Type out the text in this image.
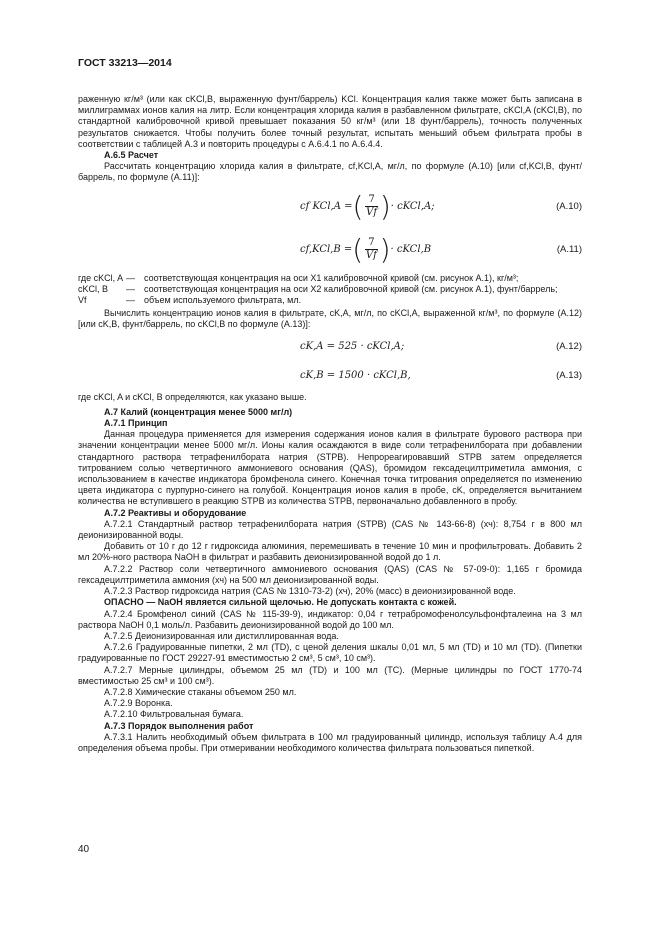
ГОСТ 33213—2014

раженную кг/м³ (или как cKCl,B, выраженную фунт/баррель) KCl. Концентрация калия также может быть записана в миллиграммах ионов калия на литр. Если концентрация хлорида калия в разбавленном фильтрате, cKCl,A (cKCl,B), по стандартной калибровочной кривой превышает показания 50 кг/м³ (или 18 фунт/баррель), точность полученных результатов снижается. Чтобы получить более точный результат, испытать меньший объем фильтрата пробы в соответствии с таблицей А.3 и повторить процедуры с А.6.4.1 по А.6.4.4.

А.6.5 Расчет

Рассчитать концентрацию хлорида калия в фильтрате, cf,KCl,A, мг/л, по формуле (А.10) [или cf,KCl,B, фунт/баррель, по формуле (А.11)]:

cf KCl,A = ( $\frac{7}{Vf}$ ) · cKCl,A;	(А.10)
cf,KCl,B = ( $\frac{7}{Vf}$ ) · cKCl,B	(А.11)
где cKCl, A —	соответствующая концентрация на оси X1 калибровочной кривой (см. рисунок А.1), кг/м³;
cKCl, B	—	соответствующая концентрация на оси X2 калибровочной кривой (см. рисунок А.1), фунт/баррель;
Vf	—	объем используемого фильтрата, мл.

Вычислить концентрацию ионов калия в фильтрате, cK,A, мг/л, по cKCl,A, выраженной кг/м³, по формуле (А.12) [или cK,B, фунт/баррель, по cKCl,B по формуле (А.13)]:

cK,A = 525 · cKCl,A;	(А.12)
cK,B = 1500 · cKCl,B,	(А.13)

где cKCl, A и cKCl, B определяются, как указано выше.

А.7 Калий (концентрация менее 5000 мг/л)

А.7.1 Принцип

Данная процедура применяется для измерения содержания ионов калия в фильтрате бурового раствора при значении концентрации менее 5000 мг/л. Ионы калия осаждаются в виде соли тетрафенилбората при добавлении стандартного раствора тетрафенилбората натрия (STPB). Непрореагировавший STPB затем определяется титрованием солью четвертичного аммониевого основания (QAS), бромидом гексадецилтриметила аммония, с использованием в качестве индикатора бромфенола синего. Конечная точка титрования определяется по изменению цвета индикатора с пурпурно-синего на голубой. Концентрация ионов калия в пробе, cK, определяется вычитанием количества не вступившего в реакцию STPB из количества STPB, первоначально добавленного в пробу.

А.7.2 Реактивы и оборудование

А.7.2.1 Стандартный раствор тетрафенилбората натрия (STPB) (CAS № 143-66-8) (хч): 8,754 г в 800 мл деионизированной воды.

Добавить от 10 г до 12 г гидроксида алюминия, перемешивать в течение 10 мин и профильтровать. Добавить 2 мл 20%-ного раствора NaOH в фильтрат и разбавить деионизированной водой до 1 л.

А.7.2.2 Раствор соли четвертичного аммониевого основания (QAS) (CAS № 57-09-0): 1,165 г бромида гексадецилтриметила аммония (хч) на 500 мл деионизированной воды.

А.7.2.3 Раствор гидроксида натрия (CAS № 1310-73-2) (хч), 20% (масс) в деионизированной воде.

ОПАСНО — NaOH является сильной щелочью. Не допускать контакта с кожей.

А.7.2.4 Бромфенол синий (CAS № 115-39-9), индикатор: 0,04 г тетрабромофенолсульфонфталеина на 3 мл раствора NaOH 0,1 моль/л. Разбавить деионизированной водой до 100 мл.

А.7.2.5 Деионизированная или дистиллированная вода.

А.7.2.6 Градуированные пипетки, 2 мл (TD), с ценой деления шкалы 0,01 мл, 5 мл (TD) и 10 мл (TD). (Пипетки градуированные по ГОСТ 29227-91 вместимостью 2 см³, 5 см³, 10 см³).

А.7.2.7 Мерные цилиндры, объемом 25 мл (TD) и 100 мл (TC). (Мерные цилиндры по ГОСТ 1770-74 вместимостью 25 см³ и 100 см³).

А.7.2.8 Химические стаканы объемом 250 мл.

А.7.2.9 Воронка.

А.7.2.10 Фильтровальная бумага.

А.7.3 Порядок выполнения работ

А.7.3.1 Налить необходимый объем фильтрата в 100 мл градуированный цилиндр, используя таблицу А.4 для определения объема пробы. При отмеривании необходимого количества фильтрата пользоваться пипеткой.

40
